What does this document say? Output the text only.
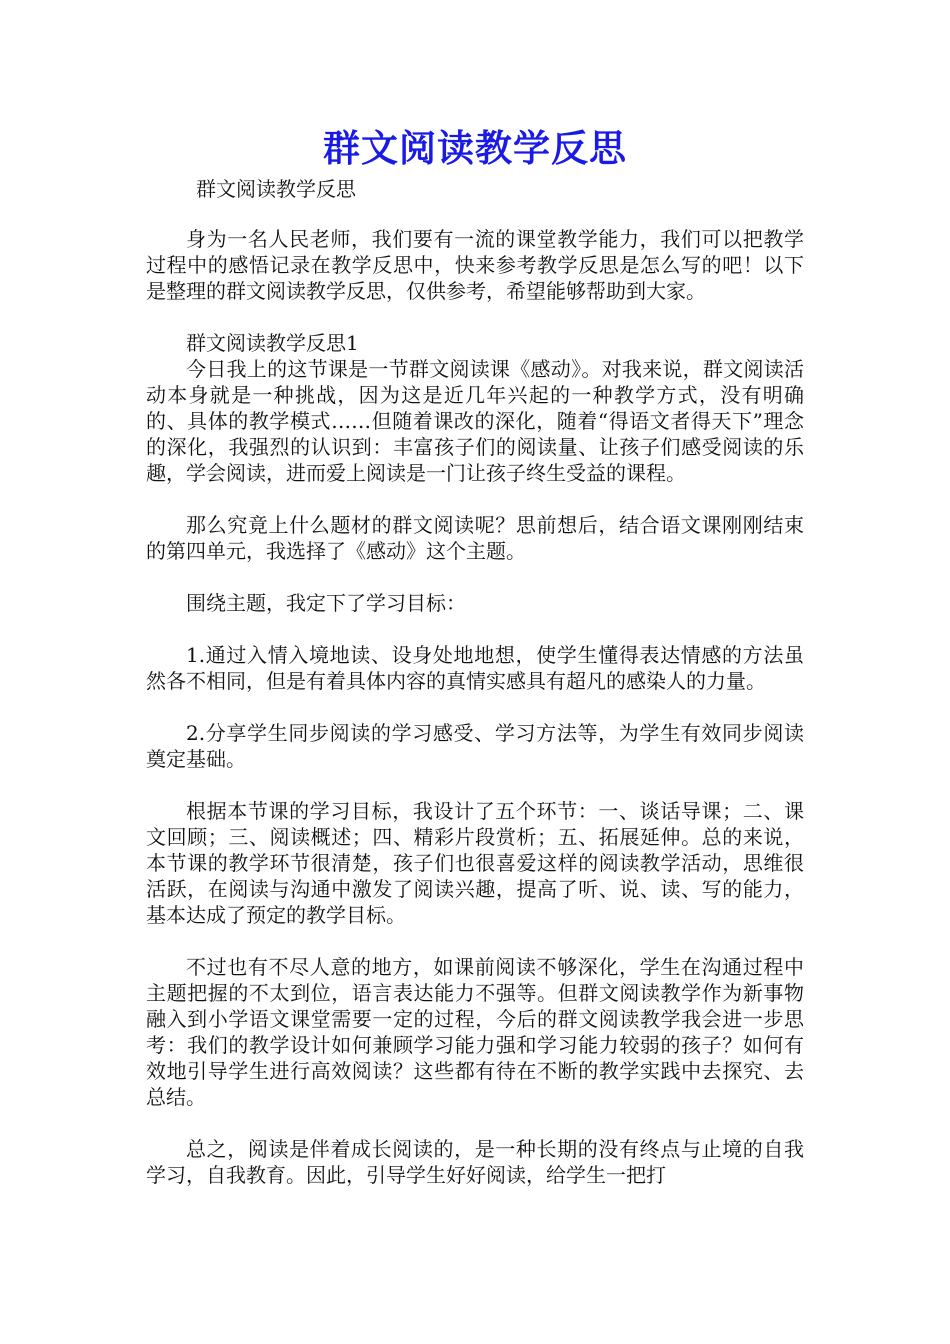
群文阅读教学反思
群文阅读教学反思

身为一名人民老师，我们要有一流的课堂教学能力，我们可以把教学过程中的感悟记录在教学反思中，快来参考教学反思是怎么写的吧！以下是整理的群文阅读教学反思，仅供参考，希望能够帮助到大家。

群文阅读教学反思1

今日我上的这节课是一节群文阅读课《感动》。对我来说，群文阅读活动本身就是一种挑战，因为这是近几年兴起的一种教学方式，没有明确的、具体的教学模式……但随着课改的深化，随着“得语文者得天下”理念的深化，我强烈的认识到：丰富孩子们的阅读量、让孩子们感受阅读的乐趣，学会阅读，进而爱上阅读是一门让孩子终生受益的课程。

那么究竟上什么题材的群文阅读呢？思前想后，结合语文课刚刚结束的第四单元，我选择了《感动》这个主题。

围绕主题，我定下了学习目标：

1.通过入情入境地读、设身处地地想，使学生懂得表达情感的方法虽然各不相同，但是有着具体内容的真情实感具有超凡的感染人的力量。

2.分享学生同步阅读的学习感受、学习方法等，为学生有效同步阅读奠定基础。

根据本节课的学习目标，我设计了五个环节：一、谈话导课；二、课文回顾；三、阅读概述；四、精彩片段赏析；五、拓展延伸。总的来说，本节课的教学环节很清楚，孩子们也很喜爱这样的阅读教学活动，思维很活跃，在阅读与沟通中激发了阅读兴趣，提高了听、说、读、写的能力，基本达成了预定的教学目标。

不过也有不尽人意的地方，如课前阅读不够深化，学生在沟通过程中主题把握的不太到位，语言表达能力不强等。但群文阅读教学作为新事物融入到小学语文课堂需要一定的过程，今后的群文阅读教学我会进一步思考：我们的教学设计如何兼顾学习能力强和学习能力较弱的孩子？如何有效地引导学生进行高效阅读？这些都有待在不断的教学实践中去探究、去总结。

总之，阅读是伴着成长阅读的，是一种长期的没有终点与止境的自我学习，自我教育。因此，引导学生好好阅读，给学生一把打
